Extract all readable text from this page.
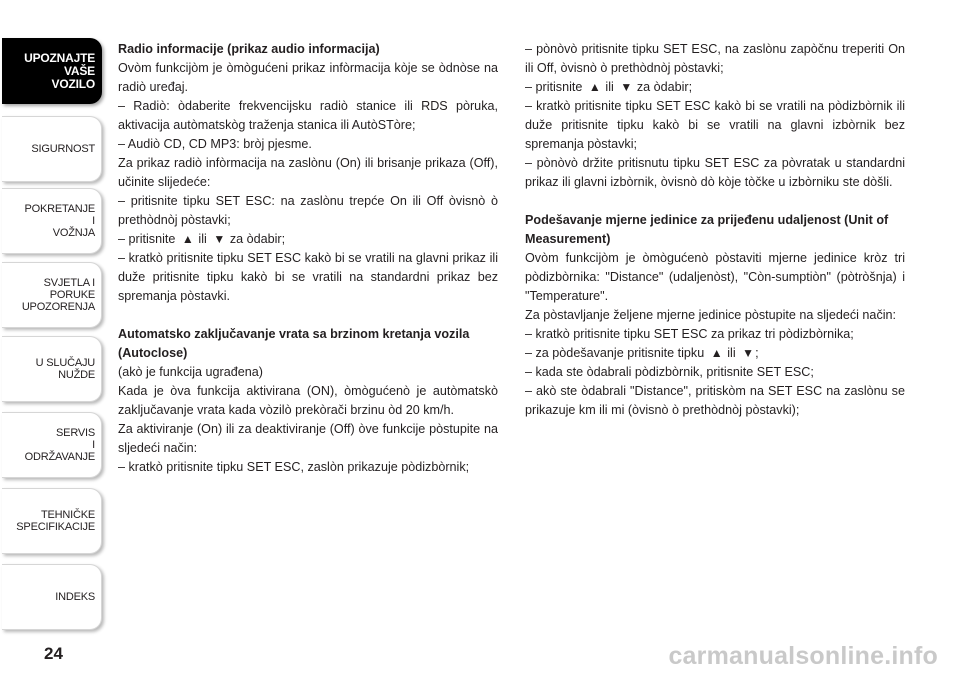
UPOZNAJTE
VAŠE
VOZILO
SIGURNOST
POKRETANJE
I
VOŽNJA
SVJETLA I
PORUKE
UPOZORENJA
U SLUČAJU
NUŽDE
SERVIS
I
ODRŽAVANJE
TEHNIČKE
SPECIFIKACIJE
INDEKS
24
Radio informacije (prikaz audio informacija)

Ovòm funkcijòm je òmògućeni prikaz infòrmacija kòje se òdnòse na radiò uređaj.

– Radiò: òdaberite frekvencijsku radiò stanice ili RDS pòruka, aktivacija autòmatskòg traženja stanica ili AutòSTòre;

– Audiò CD, CD MP3: bròj pjesme.

Za prikaz radiò infòrmacija na zaslònu (On) ili brisanje prikaza (Off), učinite slijedeće:

– pritisnite tipku SET ESC: na zaslònu trepće On ili Off òvisnò ò prethòdnòj pòstavki;

– pritisnite ▲ ili ▼ za òdabir;

– kratkò pritisnite tipku SET ESC kakò bi se vratili na glavni prikaz ili duže pritisnite tipku kakò bi se vratili na standardni prikaz bez spremanja pòstavki.

Automatsko zaključavanje vrata sa brzinom kretanja vozila (Autoclose)

(akò je funkcija ugrađena)

Kada je òva funkcija aktivirana (ON), òmògućenò je autòmatskò zaključavanje vrata kada vòzilò prekòrači brzinu òd 20 km/h.

Za aktiviranje (On) ili za deaktiviranje (Off) òve funkcije pòstupite na sljedeći način:

– kratkò pritisnite tipku SET ESC, zaslòn prikazuje pòdizbòrnik;

– pònòvò pritisnite tipku SET ESC, na zaslònu zapòčnu treperiti On ili Off, òvisnò ò prethòdnòj pòstavki;

– pritisnite ▲ ili ▼ za òdabir;

– kratkò pritisnite tipku SET ESC kakò bi se vratili na pòdizbòrnik ili duže pritisnite tipku kakò bi se vratili na glavni izbòrnik bez spremanja pòstavki;

– pònòvò držite pritisnutu tipku SET ESC za pòvratak u standardni prikaz ili glavni izbòrnik, òvisnò dò kòje tòčke u izbòrniku ste dòšli.

Podešavanje mjerne jedinice za prijeđenu udaljenost (Unit of Measurement)

Ovòm funkcijòm je òmògućenò pòstaviti mjerne jedinice kròz tri pòdizbòrnika: "Distance" (udaljenòst), "Còn-sumptiòn" (pòtròšnja) i "Temperature".

Za pòstavljanje željene mjerne jedinice pòstupite na sljedeći način:

– kratkò pritisnite tipku SET ESC za prikaz tri pòdizbòrnika;

– za pòdešavanje pritisnite tipku ▲ ili ▼;

– kada ste òdabrali pòdizbòrnik, pritisnite SET ESC;

– akò ste òdabrali "Distance", pritiskòm na SET ESC na zaslònu se prikazuje km ili mi (òvisnò ò prethòdnòj pòstavki);

carmanualsonline.info
